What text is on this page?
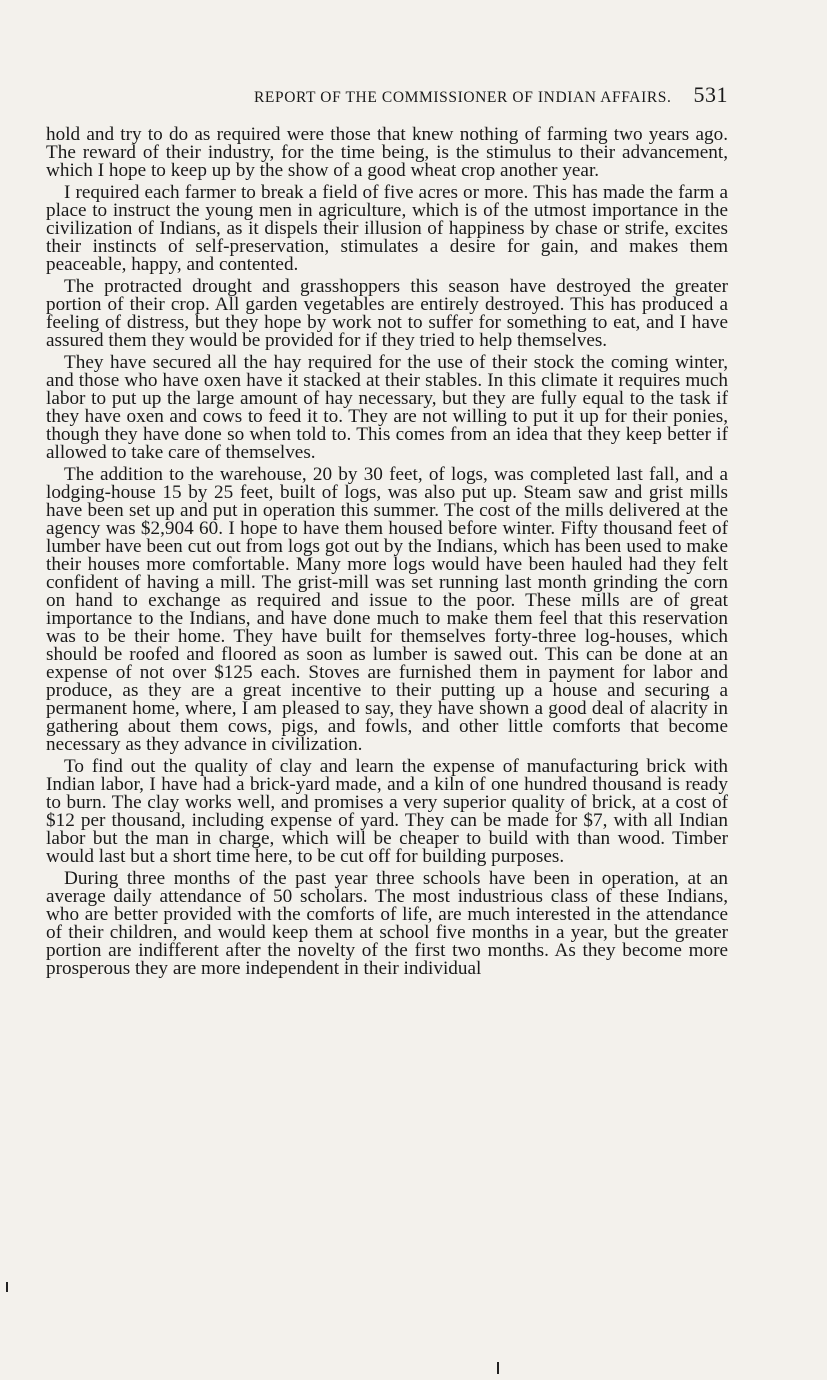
REPORT OF THE COMMISSIONER OF INDIAN AFFAIRS. 531

hold and try to do as required were those that knew nothing of farming two years ago. The reward of their industry, for the time being, is the stimulus to their advancement, which I hope to keep up by the show of a good wheat crop another year.

I required each farmer to break a field of five acres or more. This has made the farm a place to instruct the young men in agriculture, which is of the utmost importance in the civilization of Indians, as it dispels their illusion of happiness by chase or strife, excites their instincts of self-preservation, stimulates a desire for gain, and makes them peaceable, happy, and contented.

The protracted drought and grasshoppers this season have destroyed the greater portion of their crop. All garden vegetables are entirely destroyed. This has produced a feeling of distress, but they hope by work not to suffer for something to eat, and I have assured them they would be provided for if they tried to help themselves.

They have secured all the hay required for the use of their stock the coming winter, and those who have oxen have it stacked at their stables. In this climate it requires much labor to put up the large amount of hay necessary, but they are fully equal to the task if they have oxen and cows to feed it to. They are not willing to put it up for their ponies, though they have done so when told to. This comes from an idea that they keep better if allowed to take care of themselves.

The addition to the warehouse, 20 by 30 feet, of logs, was completed last fall, and a lodging-house 15 by 25 feet, built of logs, was also put up. Steam saw and grist mills have been set up and put in operation this summer. The cost of the mills delivered at the agency was $2,904 60. I hope to have them housed before winter. Fifty thousand feet of lumber have been cut out from logs got out by the Indians, which has been used to make their houses more comfortable. Many more logs would have been hauled had they felt confident of having a mill. The grist-mill was set running last month grinding the corn on hand to exchange as required and issue to the poor. These mills are of great importance to the Indians, and have done much to make them feel that this reservation was to be their home. They have built for themselves forty-three log-houses, which should be roofed and floored as soon as lumber is sawed out. This can be done at an expense of not over $125 each. Stoves are furnished them in payment for labor and produce, as they are a great incentive to their putting up a house and securing a permanent home, where, I am pleased to say, they have shown a good deal of alacrity in gathering about them cows, pigs, and fowls, and other little comforts that become necessary as they advance in civilization.

To find out the quality of clay and learn the expense of manufacturing brick with Indian labor, I have had a brick-yard made, and a kiln of one hundred thousand is ready to burn. The clay works well, and promises a very superior quality of brick, at a cost of $12 per thousand, including expense of yard. They can be made for $7, with all Indian labor but the man in charge, which will be cheaper to build with than wood. Timber would last but a short time here, to be cut off for building purposes.

During three months of the past year three schools have been in operation, at an average daily attendance of 50 scholars. The most industrious class of these Indians, who are better provided with the comforts of life, are much interested in the attendance of their children, and would keep them at school five months in a year, but the greater portion are indifferent after the novelty of the first two months. As they become more prosperous they are more independent in their individual
